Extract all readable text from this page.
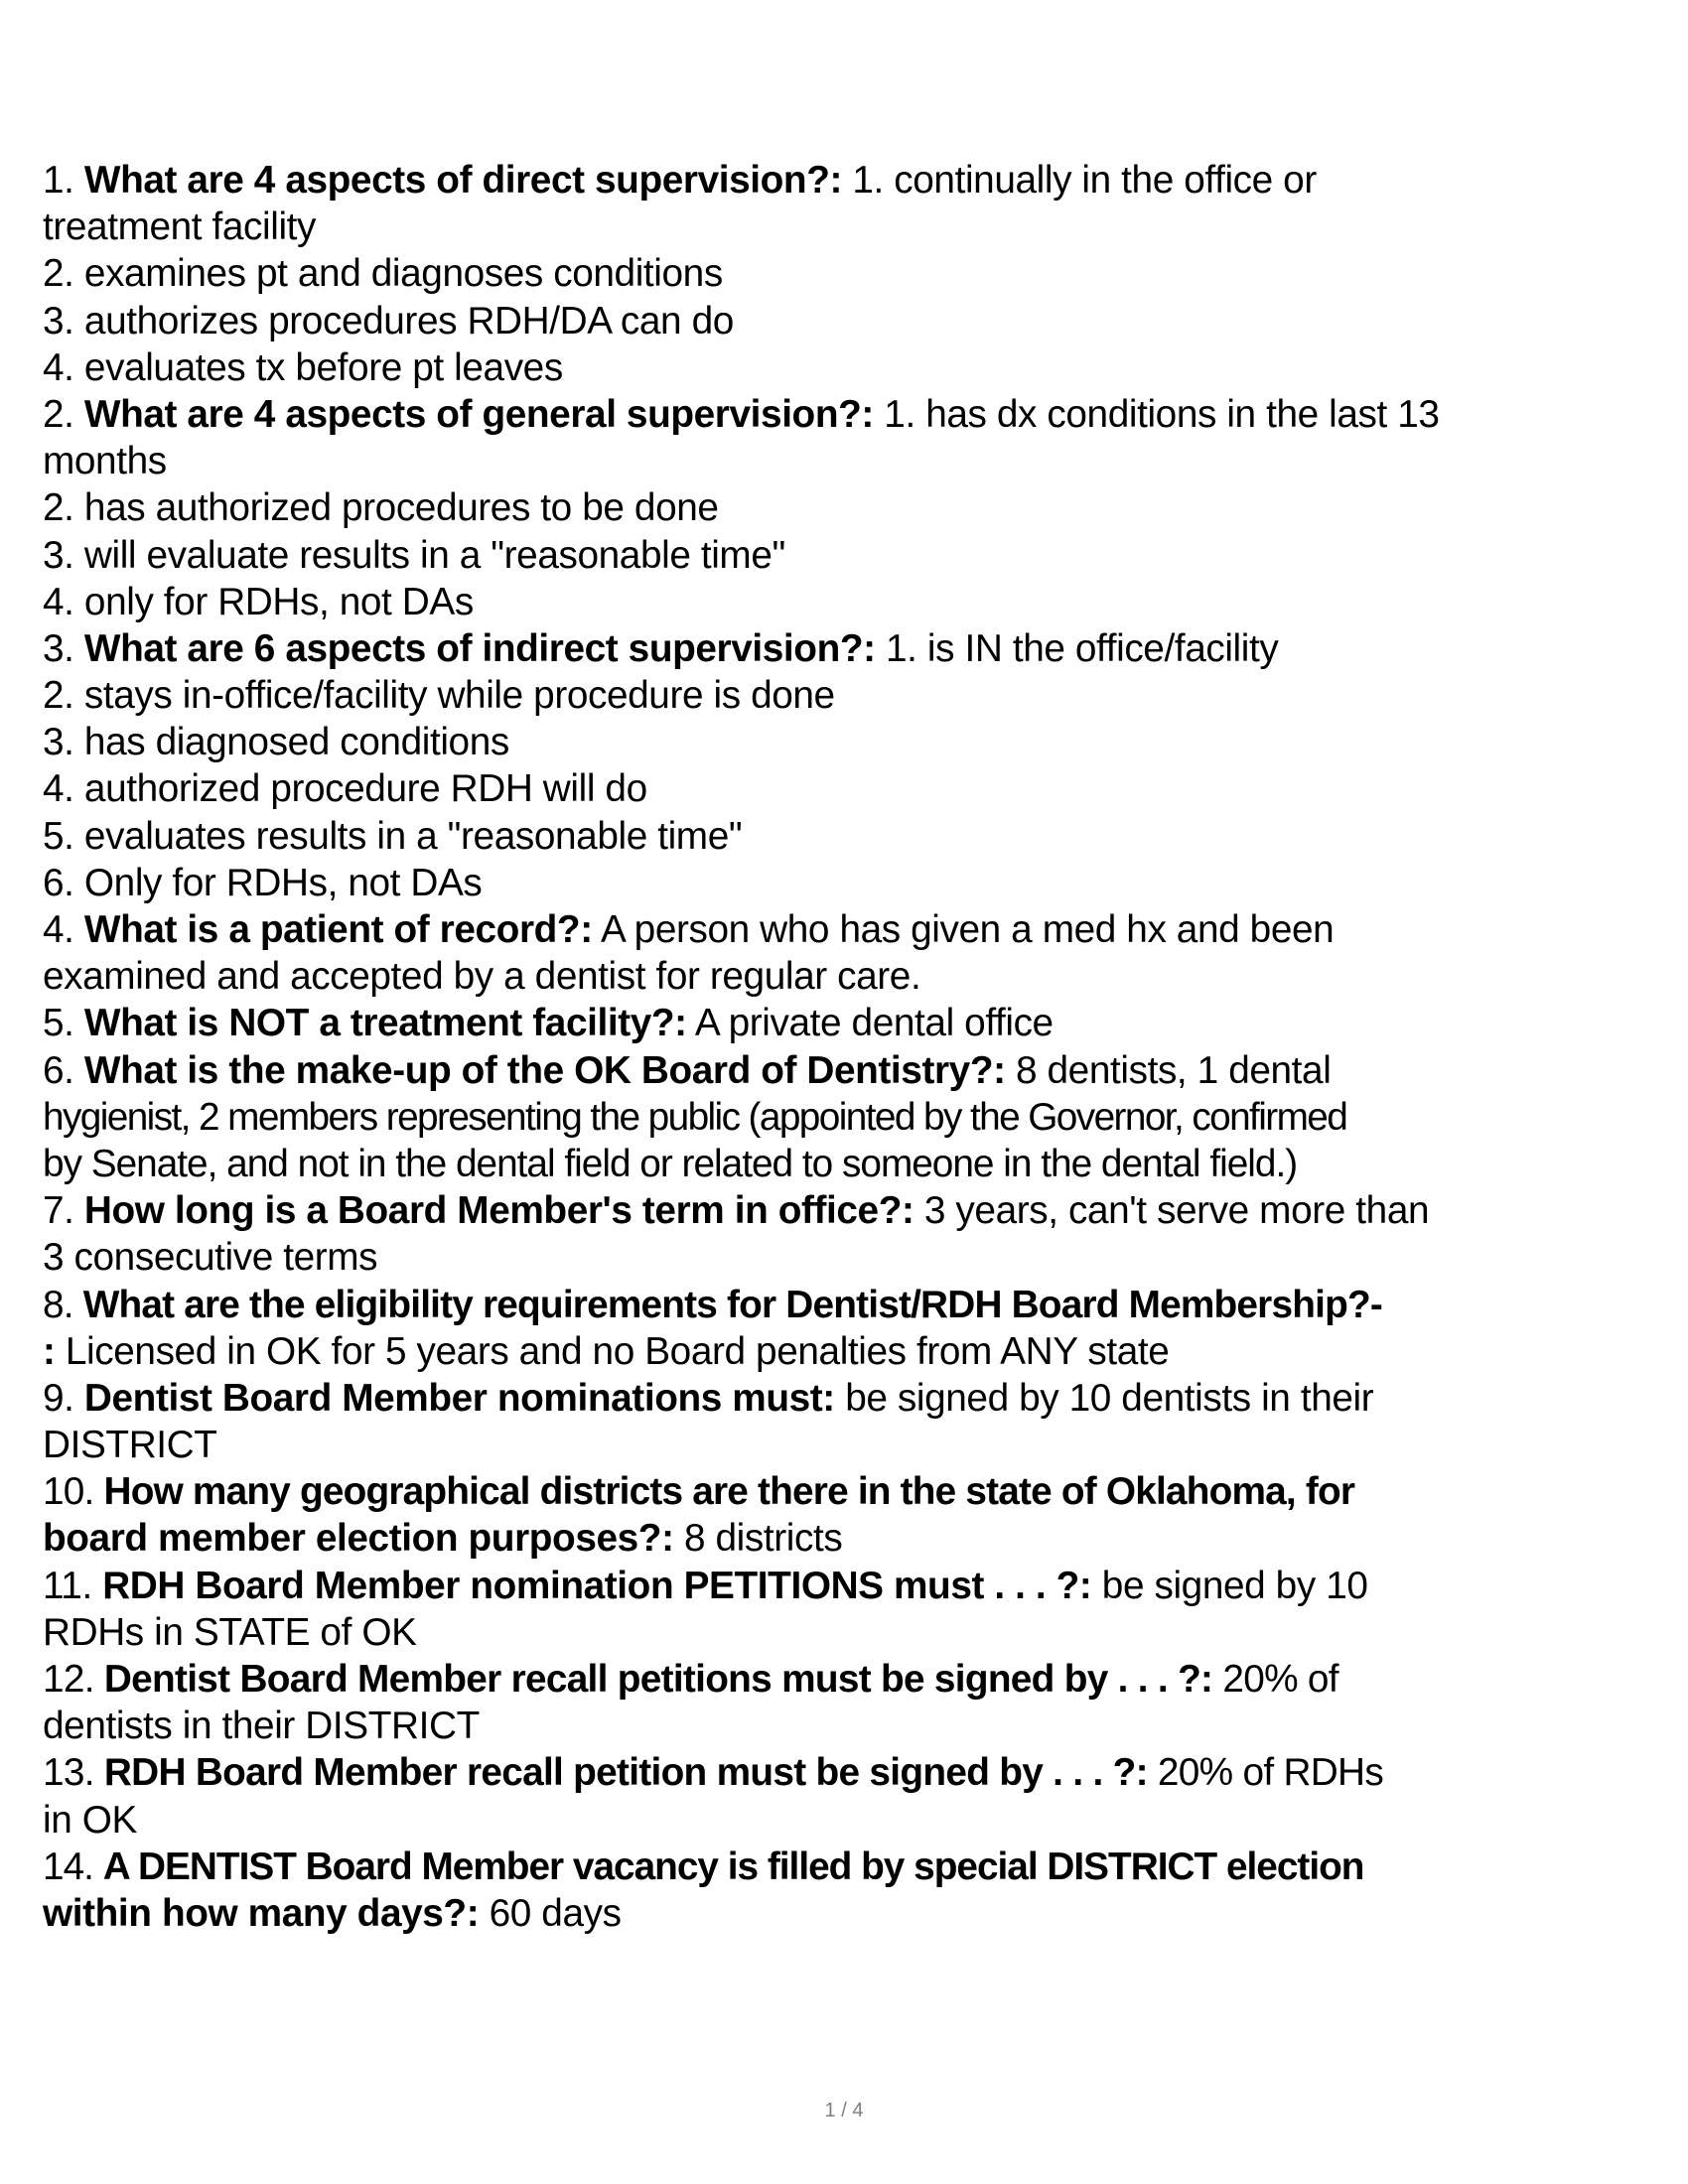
1. What are 4 aspects of direct supervision?: 1. continually in the office or
treatment facility
2. examines pt and diagnoses conditions
3. authorizes procedures RDH/DA can do
4. evaluates tx before pt leaves
2. What are 4 aspects of general supervision?: 1. has dx conditions in the last 13
months
2. has authorized procedures to be done
3. will evaluate results in a "reasonable time"
4. only for RDHs, not DAs
3. What are 6 aspects of indirect supervision?: 1. is IN the office/facility
2. stays in-office/facility while procedure is done
3. has diagnosed conditions
4. authorized procedure RDH will do
5. evaluates results in a "reasonable time"
6. Only for RDHs, not DAs
4. What is a patient of record?: A person who has given a med hx and been
examined and accepted by a dentist for regular care.
5. What is NOT a treatment facility?: A private dental office
6. What is the make-up of the OK Board of Dentistry?: 8 dentists, 1 dental
hygienist, 2 members representing the public (appointed by the Governor, confirmed
by Senate, and not in the dental field or related to someone in the dental field.)
7. How long is a Board Member's term in office?: 3 years, can't serve more than
3 consecutive terms
8. What are the eligibility requirements for Dentist/RDH Board Membership?-
: Licensed in OK for 5 years and no Board penalties from ANY state
9. Dentist Board Member nominations must: be signed by 10 dentists in their
DISTRICT
10. How many geographical districts are there in the state of Oklahoma, for
board member election purposes?: 8 districts
11. RDH Board Member nomination PETITIONS must . . . ?: be signed by 10
RDHs in STATE of OK
12. Dentist Board Member recall petitions must be signed by . . . ?: 20% of
dentists in their DISTRICT
13. RDH Board Member recall petition must be signed by . . . ?: 20% of RDHs
in OK
14. A DENTIST Board Member vacancy is filled by special DISTRICT election
within how many days?: 60 days
1 / 4
